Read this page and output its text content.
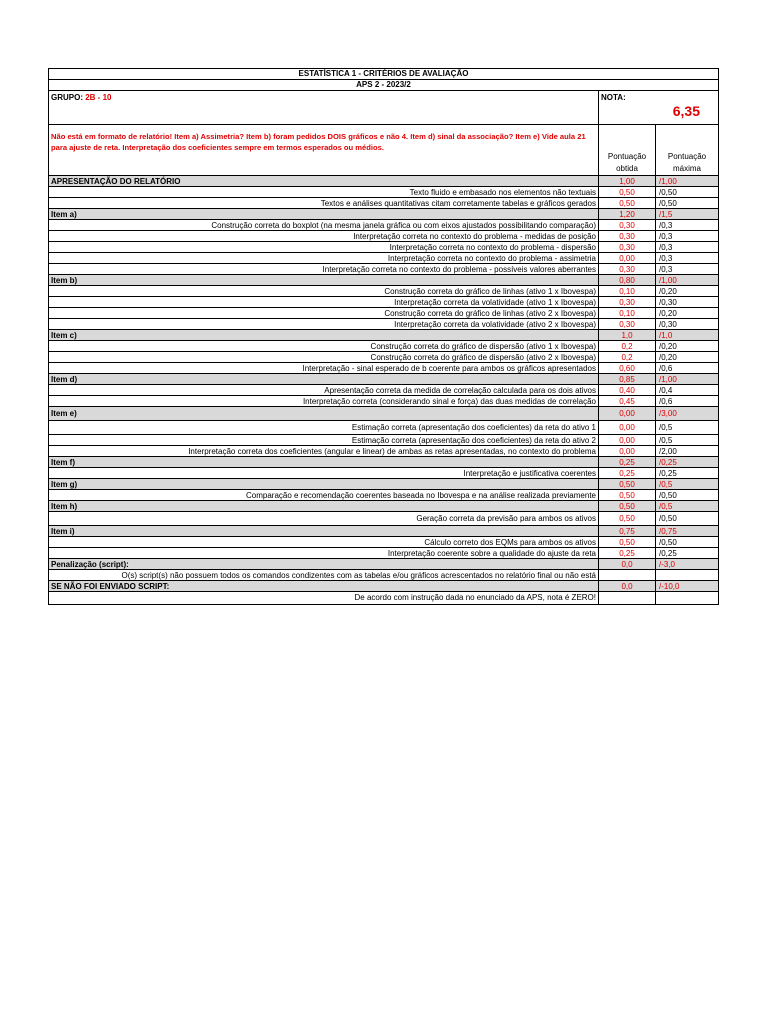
ESTATÍSTICA 1 - CRITÉRIOS DE AVALIAÇÃO
APS 2 - 2023/2
GRUPO: 2B - 10	NOTA:
6,35
Não está em formato de relatório! Item a) Assimetria? Item b) foram pedidos DOIS gráficos e não 4. Item d) sinal da associação? Item e) Vide aula 21
para ajuste de reta. Interpretação dos coeficientes sempre em termos esperados ou médios.
Pontuação
obtida
Pontuação
máxima
APRESENTAÇÃO DO RELATÓRIO	1,00	/1,00
Texto fluido e embasado nos elementos não textuais	0,50	/0,50
Textos e análises quantitativas citam corretamente tabelas e gráficos gerados	0,50	/0,50
Item a)	1,20	/1,5
Construção correta do boxplot (na mesma janela gráfica ou com eixos ajustados possibilitando comparação)	0,30	/0,3
Interpretação correta no contexto do problema - medidas de posição	0,30	/0,3
Interpretação correta no contexto do problema - dispersão	0,30	/0,3
Interpretação correta no contexto do problema - assimetria	0,00	/0,3
Interpretação correta no contexto do problema - possíveis valores aberrantes	0,30	/0,3
Item b)	0,80	/1,00
Construção correta do gráfico de linhas (ativo 1 x Ibovespa)	0,10	/0,20
Interpretação correta da volatividade (ativo 1 x Ibovespa)	0,30	/0,30
Construção correta do gráfico de linhas (ativo 2 x Ibovespa)	0,10	/0,20
Interpretação correta da volatividade (ativo 2 x Ibovespa)	0,30	/0,30
Item c)	1,0	/1,0
Construção correta do gráfico de dispersão (ativo 1 x Ibovespa)	0,2	/0,20
Construção correta do gráfico de dispersão (ativo 2 x Ibovespa)	0,2	/0,20
Interpretação - sinal esperado de b coerente para ambos os gráficos apresentados	0,60	/0,6
Item d)	0,85	/1,00
Apresentação correta da medida de correlação calculada para os dois ativos	0,40	/0,4
Interpretação correta (considerando sinal e força) das duas medidas de correlação	0,45	/0,6
Item e)	0,00	/3,00
Estimação correta (apresentação dos coeficientes) da reta do ativo 1	0,00	/0,5
Estimação correta (apresentação dos coeficientes) da reta do ativo 2	0,00	/0,5
Interpretação correta dos coeficientes (angular e linear) de ambas as retas apresentadas, no contexto do problema	0,00	/2,00
Item f)	0,25	/0,25
Interpretação e justificativa coerentes	0,25	/0,25
Item g)	0,50	/0,5
Comparação e recomendação coerentes baseada no Ibovespa e na análise realizada previamente	0,50	/0,50
Item h)	0,50	/0,5
Geração correta da previsão para ambos os ativos	0,50	/0,50
Item i)	0,75	/0,75
Cálculo correto dos EQMs para ambos os ativos	0,50	/0,50
Interpretação coerente sobre a qualidade do ajuste da reta	0,25	/0,25
Penalização (script):	0,0	/-3,0
O(s) script(s) não possuem todos os comandos condizentes com as tabelas e/ou gráficos acrescentados no relatório final ou não está
SE NÃO FOI ENVIADO SCRIPT:	0,0	/-10,0
De acordo com instrução dada no enunciado da APS, nota é ZERO!
